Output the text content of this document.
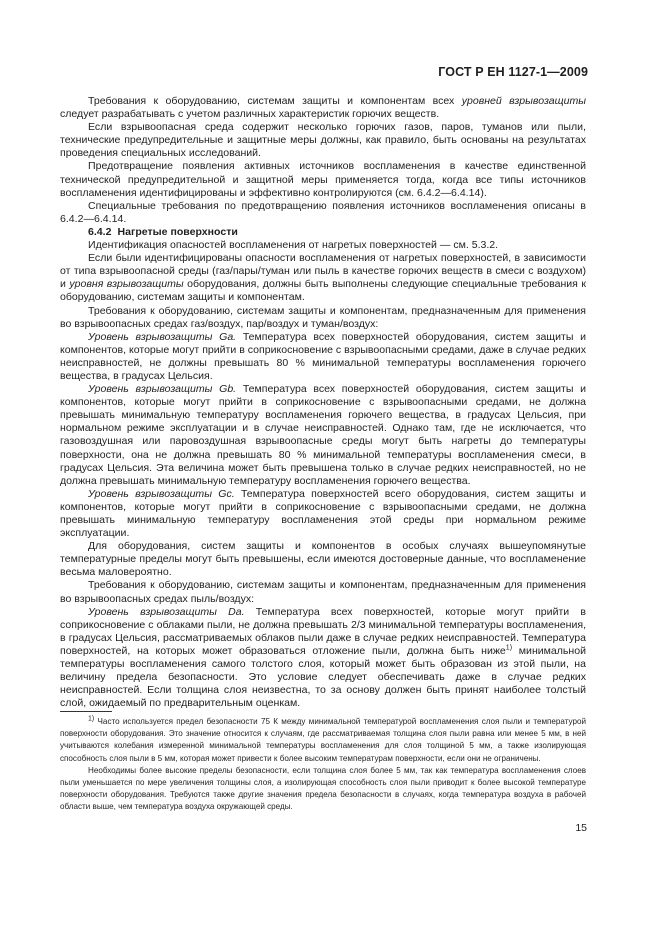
ГОСТ Р ЕН 1127-1—2009

Требования к оборудованию, системам защиты и компонентам всех уровней взрывозащиты следует разрабатывать с учетом различных характеристик горючих веществ.

Если взрывоопасная среда содержит несколько горючих газов, паров, туманов или пыли, технические предупредительные и защитные меры должны, как правило, быть основаны на результатах проведения специальных исследований.

Предотвращение появления активных источников воспламенения в качестве единственной технической предупредительной и защитной меры применяется тогда, когда все типы источников воспламенения идентифицированы и эффективно контролируются (см. 6.4.2—6.4.14).

Специальные требования по предотвращению появления источников воспламенения описаны в 6.4.2—6.4.14.

6.4.2 Нагретые поверхности

Идентификация опасностей воспламенения от нагретых поверхностей — см. 5.3.2.

Если были идентифицированы опасности воспламенения от нагретых поверхностей, в зависимости от типа взрывоопасной среды (газ/пары/туман или пыль в качестве горючих веществ в смеси с воздухом) и уровня взрывозащиты оборудования, должны быть выполнены следующие специальные требования к оборудованию, системам защиты и компонентам.

Требования к оборудованию, системам защиты и компонентам, предназначенным для применения во взрывоопасных средах газ/воздух, пар/воздух и туман/воздух:

Уровень взрывозащиты Ga. Температура всех поверхностей оборудования, систем защиты и компонентов, которые могут прийти в соприкосновение с взрывоопасными средами, даже в случае редких неисправностей, не должны превышать 80 % минимальной температуры воспламенения горючего вещества, в градусах Цельсия.

Уровень взрывозащиты Gb. Температура всех поверхностей оборудования, систем защиты и компонентов, которые могут прийти в соприкосновение с взрывоопасными средами, не должна превышать минимальную температуру воспламенения горючего вещества, в градусах Цельсия, при нормальном режиме эксплуатации и в случае неисправностей. Однако там, где не исключается, что газовоздушная или паровоздушная взрывоопасные среды могут быть нагреты до температуры поверхности, она не должна превышать 80 % минимальной температуры воспламенения смеси, в градусах Цельсия. Эта величина может быть превышена только в случае редких неисправностей, но не должна превышать минимальную температуру воспламенения горючего вещества.

Уровень взрывозащиты Gc. Температура поверхностей всего оборудования, систем защиты и компонентов, которые могут прийти в соприкосновение с взрывоопасными средами, не должна превышать минимальную температуру воспламенения этой среды при нормальном режиме эксплуатации.

Для оборудования, систем защиты и компонентов в особых случаях вышеупомянутые температурные пределы могут быть превышены, если имеются достоверные данные, что воспламенение весьма маловероятно.

Требования к оборудованию, системам защиты и компонентам, предназначенным для применения во взрывоопасных средах пыль/воздух:

Уровень взрывозащиты Da. Температура всех поверхностей, которые могут прийти в соприкосновение с облаками пыли, не должна превышать 2/3 минимальной температуры воспламенения, в градусах Цельсия, рассматриваемых облаков пыли даже в случае редких неисправностей. Температура поверхностей, на которых может образоваться отложение пыли, должна быть ниже$^{1)}$ минимальной температуры воспламенения самого толстого слоя, который может быть образован из этой пыли, на величину предела безопасности. Это условие следует обеспечивать даже в случае редких неисправностей. Если толщина слоя неизвестна, то за основу должен быть принят наиболее толстый слой, ожидаемый по предварительным оценкам.

$^{1)}$ Часто используется предел безопасности 75 К между минимальной температурой воспламенения слоя пыли и температурой поверхности оборудования. Это значение относится к случаям, где рассматриваемая толщина слоя пыли равна или менее 5 мм, в ней учитываются колебания измеренной минимальной температуры воспламенения для слоя толщиной 5 мм, а также изолирующая способность слоя пыли в 5 мм, которая может привести к более высоким температурам поверхности, если они не ограничены.

Необходимы более высокие пределы безопасности, если толщина слоя более 5 мм, так как температура воспламенения слоев пыли уменьшается по мере увеличения толщины слоя, а изолирующая способность слоя пыли приводит к более высокой температуре поверхности оборудования. Требуются также другие значения предела безопасности в случаях, когда температура воздуха в рабочей области выше, чем температура воздуха окружающей среды.

15
